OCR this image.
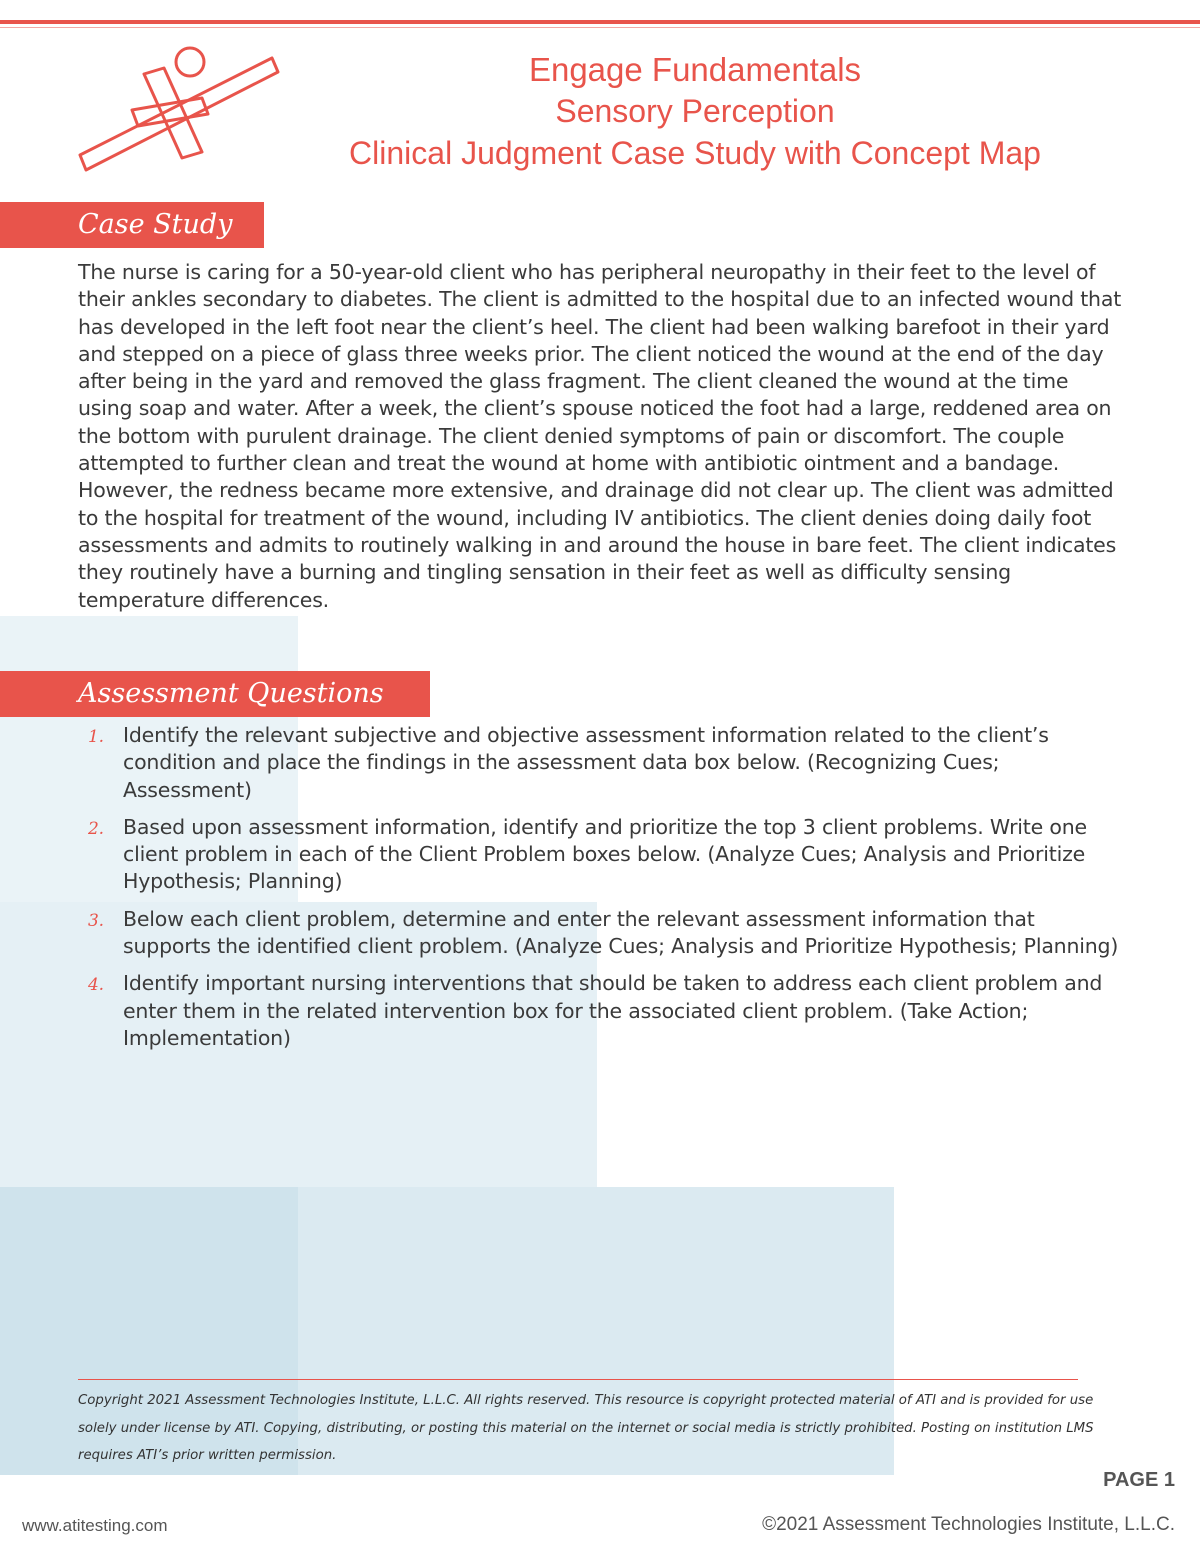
Engage Fundamentals
Sensory Perception
Clinical Judgment Case Study with Concept Map
Case Study

The nurse is caring for a 50-year-old client who has peripheral neuropathy in their feet to the level of their ankles secondary to diabetes. The client is admitted to the hospital due to an infected wound that has developed in the left foot near the client’s heel. The client had been walking barefoot in their yard and stepped on a piece of glass three weeks prior. The client noticed the wound at the end of the day after being in the yard and removed the glass fragment. The client cleaned the wound at the time using soap and water. After a week, the client’s spouse noticed the foot had a large, reddened area on the bottom with purulent drainage. The client denied symptoms of pain or discomfort. The couple attempted to further clean and treat the wound at home with antibiotic ointment and a bandage. However, the redness became more extensive, and drainage did not clear up. The client was admitted to the hospital for treatment of the wound, including IV antibiotics. The client denies doing daily foot assessments and admits to routinely walking in and around the house in bare feet. The client indicates they routinely have a burning and tingling sensation in their feet as well as difficulty sensing temperature differences.

Assessment Questions
1. Identify the relevant subjective and objective assessment information related to the client’s condition and place the findings in the assessment data box below. (Recognizing Cues; Assessment)
2. Based upon assessment information, identify and prioritize the top 3 client problems. Write one client problem in each of the Client Problem boxes below. (Analyze Cues; Analysis and Prioritize Hypothesis; Planning)
3. Below each client problem, determine and enter the relevant assessment information that supports the identified client problem. (Analyze Cues; Analysis and Prioritize Hypothesis; Planning)
4. Identify important nursing interventions that should be taken to address each client problem and enter them in the related intervention box for the associated client problem. (Take Action; Implementation)

Copyright 2021 Assessment Technologies Institute, L.L.C. All rights reserved. This resource is copyright protected material of ATI and is provided for use solely under license by ATI. Copying, distributing, or posting this material on the internet or social media is strictly prohibited. Posting on institution LMS requires ATI’s prior written permission.

PAGE 1
www.atitesting.com	©2021 Assessment Technologies Institute, L.L.C.
